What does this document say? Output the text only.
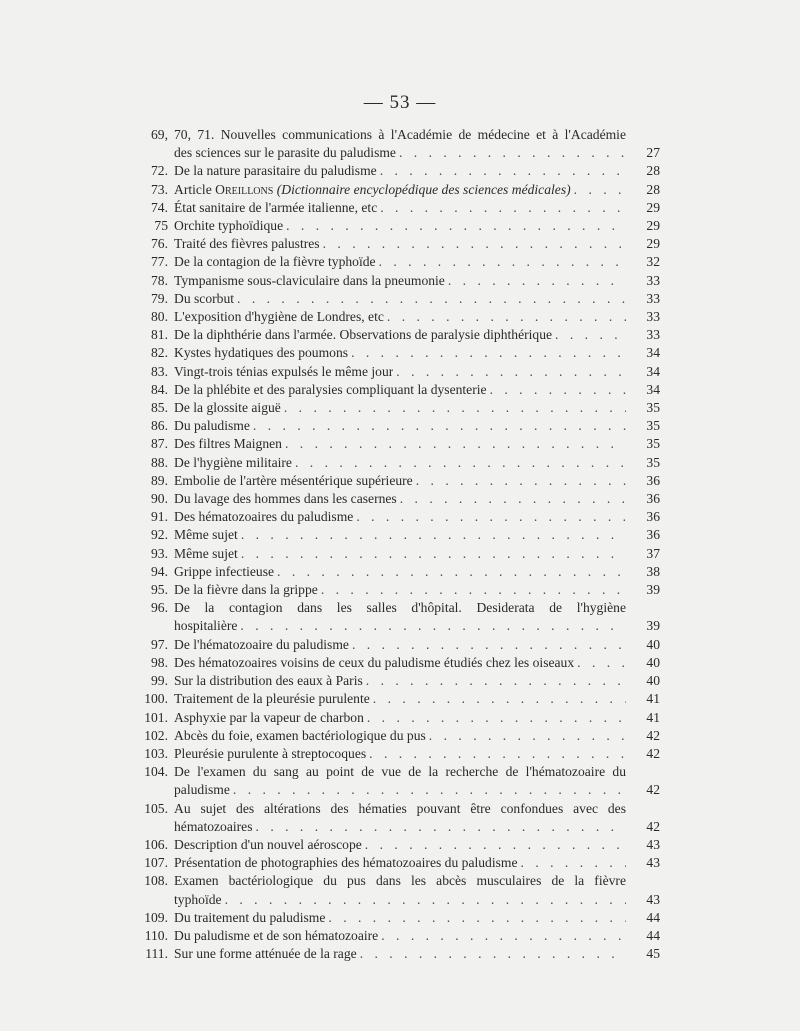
— 53 —
69, 70, 71. Nouvelles communications à l'Académie de médecine et à l'Académie
des sciences sur le parasite du paludisme . . .	27
72. De la nature parasitaire du paludisme . . .	28
73. Article Oreillons (Dictionnaire encyclopédique des sciences médicales) . . .	28
74. État sanitaire de l'armée italienne, etc . . .	29
75 Orchite typhoïdique . . .	29
76. Traité des fièvres palustres . . .	29
77. De la contagion de la fièvre typhoïde . . .	32
78. Tympanisme sous-claviculaire dans la pneumonie . . .	33
79. Du scorbut . . .	33
80. L'exposition d'hygiène de Londres, etc . . .	33
81. De la diphthérie dans l'armée. Observations de paralysie diphthérique . . .	33
82. Kystes hydatiques des poumons . . .	34
83. Vingt-trois ténias expulsés le même jour . . .	34
84. De la phlébite et des paralysies compliquant la dysenterie . . .	34
85. De la glossite aiguë . . .	35
86. Du paludisme . . .	35
87. Des filtres Maignen . . .	35
88. De l'hygiène militaire . . .	35
89. Embolie de l'artère mésentérique supérieure . . .	36
90. Du lavage des hommes dans les casernes . . .	36
91. Des hématozoaires du paludisme . . .	36
92. Même sujet . . .	36
93. Même sujet . . .	37
94. Grippe infectieuse . . .	38
95. De la fièvre dans la grippe . . .	39
96. De la contagion dans les salles d'hôpital. Desiderata de l'hygiène
hospitalière . . .	39
97. De l'hématozoaire du paludisme . . .	40
98. Des hématozoaires voisins de ceux du paludisme étudiés chez les oiseaux . . .	40
99. Sur la distribution des eaux à Paris . . .	40
100. Traitement de la pleurésie purulente . . .	41
101. Asphyxie par la vapeur de charbon . . .	41
102. Abcès du foie, examen bactériologique du pus . . .	42
103. Pleurésie purulente à streptocoques . . .	42
104. De l'examen du sang au point de vue de la recherche de l'hématozoaire du
paludisme . . .	42
105. Au sujet des altérations des hématies pouvant être confondues avec des
hématozoaires . . .	42
106. Description d'un nouvel aéroscope . . .	43
107. Présentation de photographies des hématozoaires du paludisme . . .	43
108. Examen bactériologique du pus dans les abcès musculaires de la fièvre
typhoïde . . .	43
109. Du traitement du paludisme . . .	44
110. Du paludisme et de son hématozoaire . . .	44
111. Sur une forme atténuée de la rage . . .	45
